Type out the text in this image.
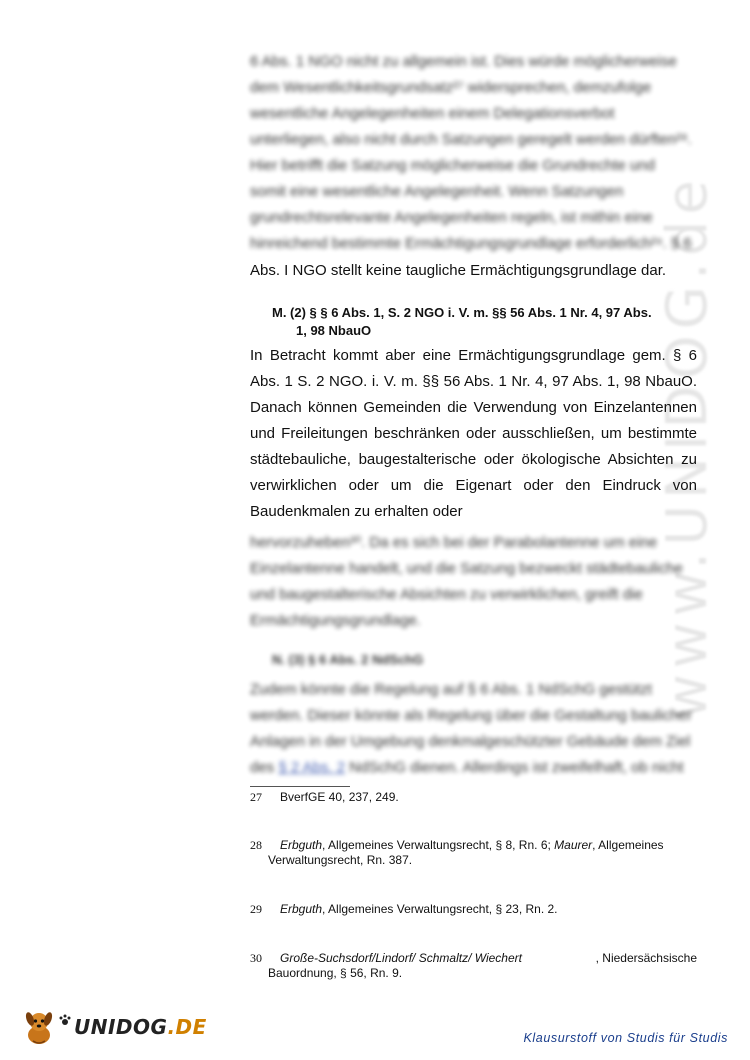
www.UNIDOG.de
6 Abs. 1 NGO nicht zu allgemein ist. Dies würde möglicherweise
dem Wesentlichkeitsgrundsatz²⁷ widersprechen, demzufolge
wesentliche Angelegenheiten einem Delegationsverbot
unterliegen, also nicht durch Satzungen geregelt werden dürften²⁸.
Hier betrifft die Satzung möglicherweise die Grundrechte und
somit eine wesentliche Angelegenheit. Wenn Satzungen
grundrechtsrelevante Angelegenheiten regeln, ist mithin eine
hinreichend bestimmte Ermächtigungsgrundlage erforderlich²⁹. § 6
Abs. I NGO stellt keine taugliche Ermächtigungsgrundlage dar.
M. (2) § § 6 Abs. 1, S. 2 NGO i. V. m. §§ 56 Abs. 1 Nr. 4, 97 Abs.
1, 98 NbauO

In Betracht kommt aber eine Ermächtigungsgrundlage gem. § 6 Abs. 1 S. 2 NGO. i. V. m. §§ 56 Abs. 1 Nr. 4, 97 Abs. 1, 98 NbauO. Danach können Gemeinden die Verwendung von Einzelantennen und Freileitungen beschränken oder ausschließen, um bestimmte städtebauliche, baugestalterische oder ökologische Absichten zu verwirklichen oder um die Eigenart oder den Eindruck von Baudenkmalen zu erhalten oder

hervorzuheben³⁰. Da es sich bei der Parabolantenne um eine
Einzelantenne handelt, und die Satzung bezweckt städtebauliche
und baugestalterische Absichten zu verwirklichen, greift die
Ermächtigungsgrundlage.
N. (3) § 6 Abs. 2 NdSchG
Zudem könnte die Regelung auf § 6 Abs. 1 NdSchG gestützt
werden. Dieser könnte als Regelung über die Gestaltung baulicher
Anlagen in der Umgebung denkmalgeschützter Gebäude dem Ziel
des § 2 Abs. 2 NdSchG dienen. Allerdings ist zweifelhaft, ob nicht
27 BverfGE 40, 237, 249.
28 Erbguth, Allgemeines Verwaltungsrecht, § 8, Rn. 6; Maurer, Allgemeines
Verwaltungsrecht, Rn. 387.
29 Erbguth, Allgemeines Verwaltungsrecht, § 23, Rn. 2.
30 Große-Suchsdorf/Lindorf/ Schmaltz/ Wiechert	, Niedersächsische
Bauordnung, § 56, Rn. 9.
UNIDOG.DE	Klausurstoff von Studis für Studis
